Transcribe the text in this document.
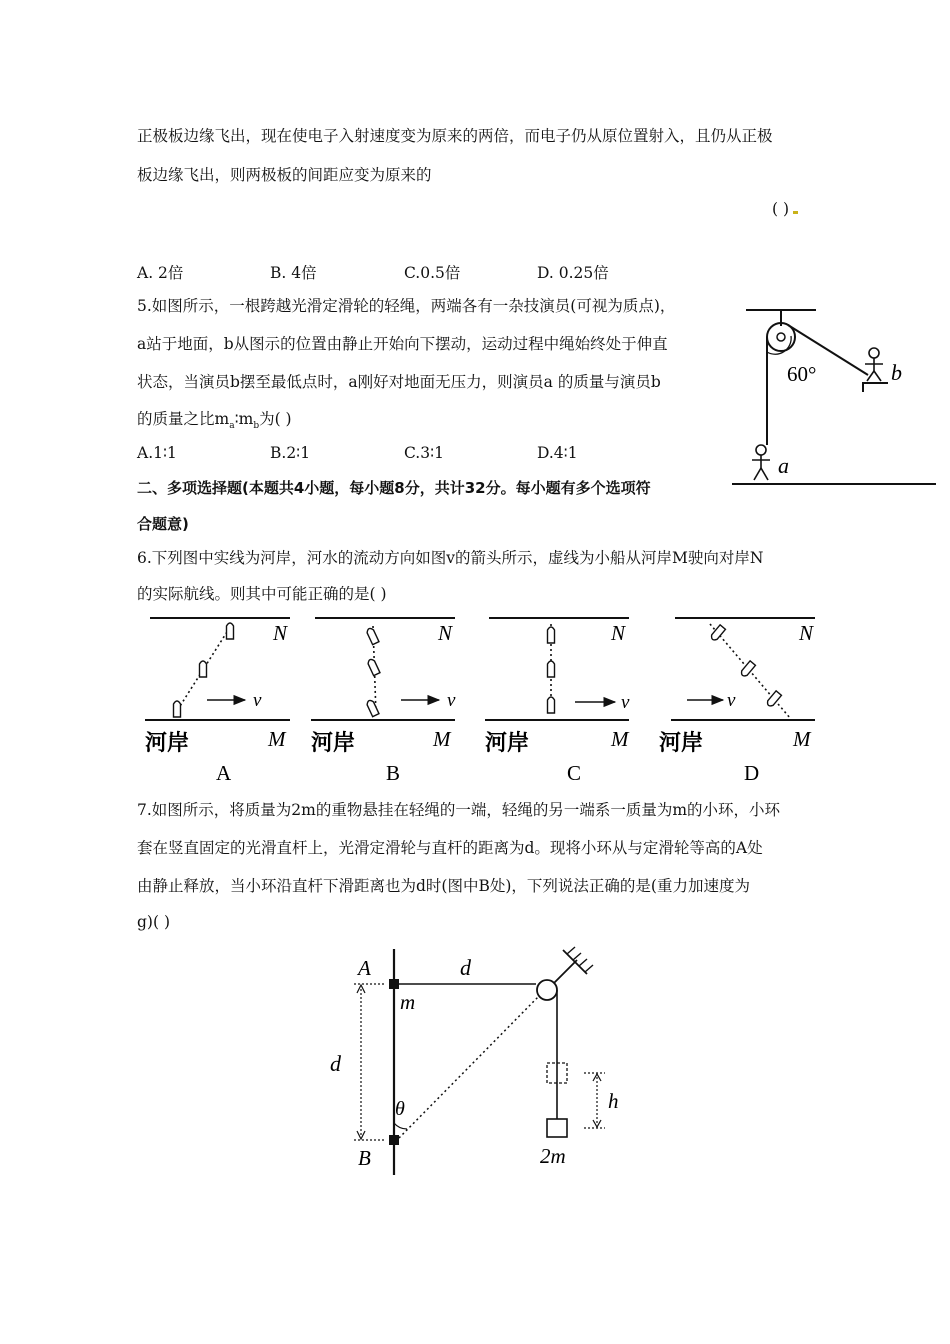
正极板边缘飞出，现在使电子入射速度变为原来的两倍，而电子仍从原位置射入，且仍从正极
板边缘飞出，则两极板的间距应变为原来的
( )
A. 2倍	B. 4倍	C.0.5倍	D. 0.25倍
5.如图所示，一根跨越光滑定滑轮的轻绳，两端各有一杂技演员(可视为质点)，
a站于地面，b从图示的位置由静止开始向下摆动，运动过程中绳始终处于伸直
状态，当演员b摆至最低点时，a刚好对地面无压力，则演员a 的质量与演员b
的质量之比$m_a∶m_b$为( )
A.1∶1	B.2∶1	C.3∶1	D.4∶1
60°	b
a
二、多项选择题(本题共4小题，每小题8分，共计32分。每小题有多个选项符
合题意)
6.下列图中实线为河岸，河水的流动方向如图v的箭头所示，虚线为小船从河岸M驶向对岸N
的实际航线。则其中可能正确的是( )
v
N
M
河岸
A
v
N
M
河岸
B
v
N
M
河岸
C
v
N
M
河岸
D
7.如图所示，将质量为2m的重物悬挂在轻绳的一端，轻绳的另一端系一质量为m的小环，小环
套在竖直固定的光滑直杆上，光滑定滑轮与直杆的距离为d。现将小环从与定滑轮等高的A处
由静止释放，当小环沿直杆下滑距离也为d时(图中B处)，下列说法正确的是(重力加速度为
g)( )
A
B
m
d
d
θ
2m
h
